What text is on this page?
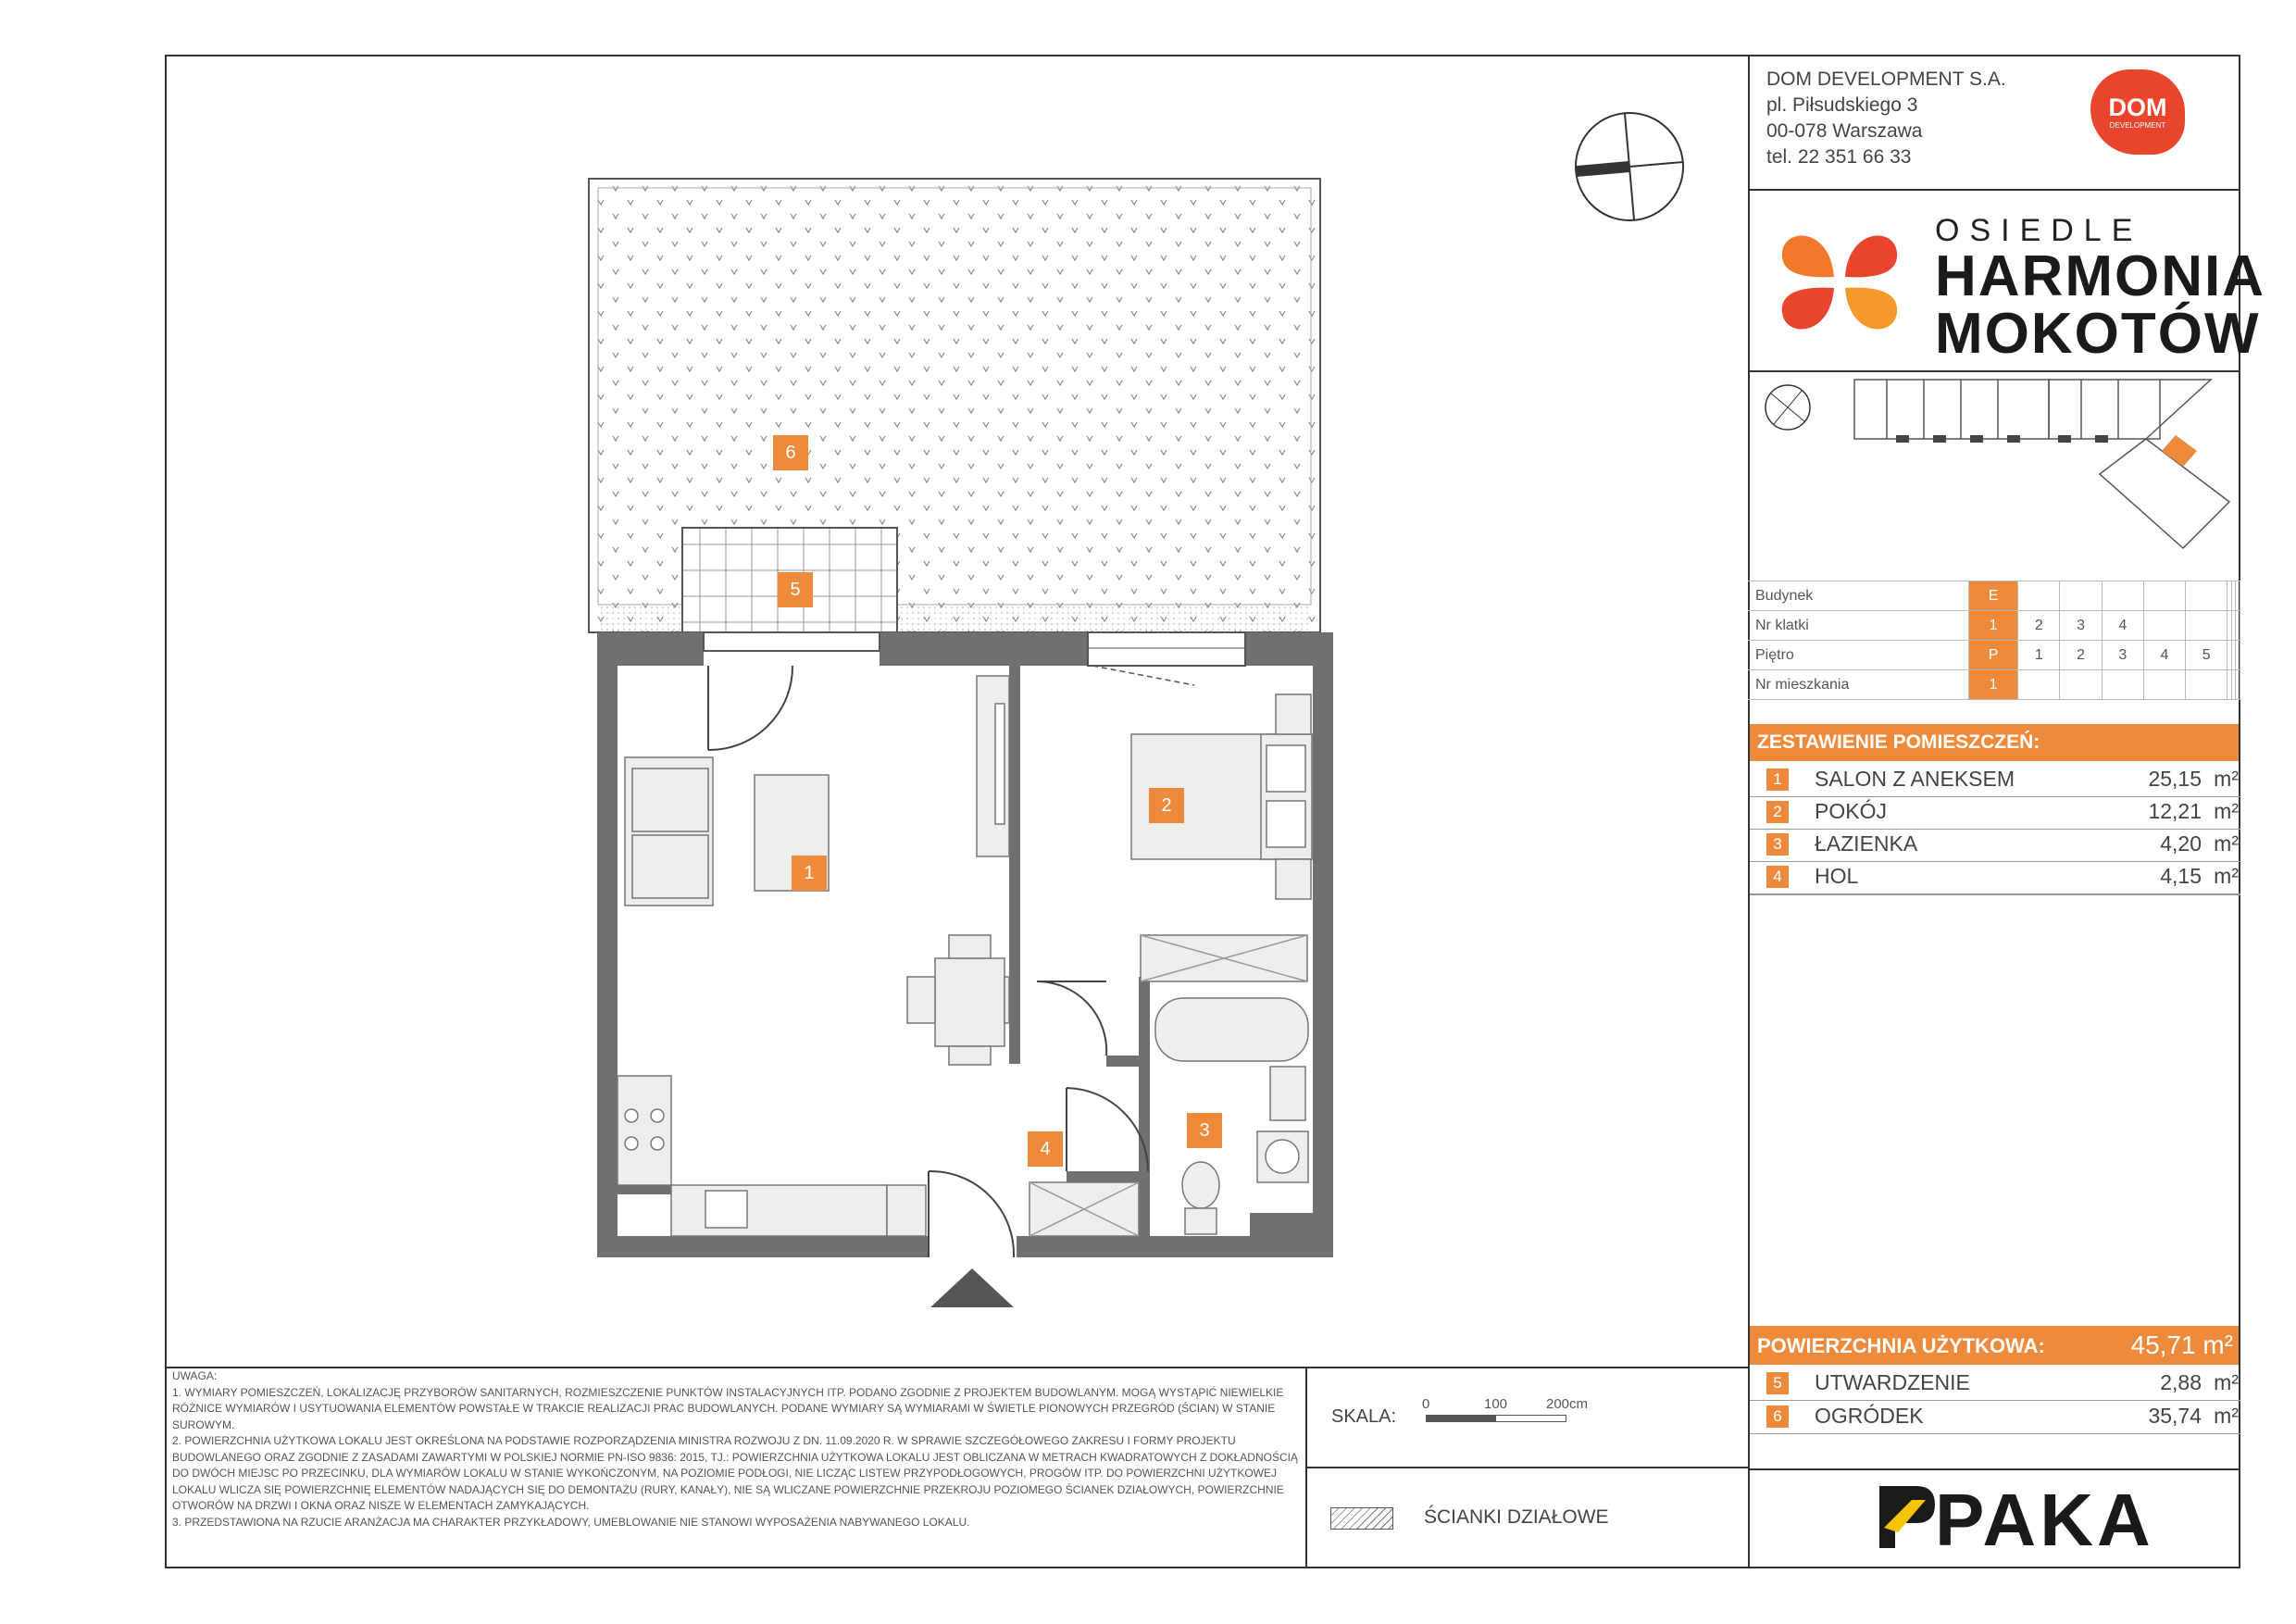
6
5
1
2
3
4
DOM DEVELOPMENT S.A.
pl. Piłsudskiego 3
00-078 Warszawa
tel. 22 351 66 33
DOM
DEVELOPMENT
OSIEDLE
HARMONIA
MOKOTÓW
Budynek	E								
Nr klatki	1	2	3	4					
Piętro	P	1	2	3	4	5			
Nr mieszkania	1								
ZESTAWIENIE POMIESZCZEŃ:
1	SALON Z ANEKSEM	25,15 m²
2	POKÓJ	12,21 m²
3	ŁAZIENKA	4,20 m²
4	HOL	4,15 m²
POWIERZCHNIA UŻYTKOWA:	45,71 m²
5	UTWARDZENIE	2,88 m²
6	OGRÓDEK	35,74 m²

UWAGA:

1. WYMIARY POMIESZCZEŃ, LOKALIZACJĘ PRZYBORÓW SANITARNYCH, ROZMIESZCZENIE PUNKTÓW INSTALACYJNYCH ITP. PODANO ZGODNIE Z PROJEKTEM BUDOWLANYM. MOGĄ WYSTĄPIĆ NIEWIELKIE RÓŻNICE WYMIARÓW I USYTUOWANIA ELEMENTÓW POWSTAŁE W TRAKCIE REALIZACJI PRAC BUDOWLANYCH. PODANE WYMIARY SĄ WYMIARAMI W ŚWIETLE PIONOWYCH PRZEGRÓD (ŚCIAN) W STANIE SUROWYM.

2. POWIERZCHNIA UŻYTKOWA LOKALU JEST OKREŚLONA NA PODSTAWIE ROZPORZĄDZENIA MINISTRA ROZWOJU Z DN. 11.09.2020 R. W SPRAWIE SZCZEGÓŁOWEGO ZAKRESU I FORMY PROJEKTU BUDOWLANEGO ORAZ ZGODNIE Z ZASADAMI ZAWARTYMI W POLSKIEJ NORMIE PN-ISO 9836: 2015, TJ.: POWIERZCHNIA UŻYTKOWA LOKALU JEST OBLICZANA W METRACH KWADRATOWYCH Z DOKŁADNOŚCIĄ DO DWÓCH MIEJSC PO PRZECINKU, DLA WYMIARÓW LOKALU W STANIE WYKOŃCZONYM, NA POZIOMIE PODŁOGI, NIE LICZĄC LISTEW PRZYPODŁOGOWYCH, PROGÓW ITP. DO POWIERZCHNI UŻYTKOWEJ LOKALU WLICZA SIĘ POWIERZCHNIĘ ELEMENTÓW NADAJĄCYCH SIĘ DO DEMONTAŻU (RURY, KANAŁY), NIE SĄ WLICZANE POWIERZCHNIE PRZEKROJU POZIOMEGO ŚCIANEK DZIAŁOWYCH, POWIERZCHNIE OTWORÓW NA DRZWI I OKNA ORAZ NISZE W ELEMENTACH ZAMYKAJĄCYCH.

3. PRZEDSTAWIONA NA RZUCIE ARANŻACJA MA CHARAKTER PRZYKŁADOWY, UMEBLOWANIE NIE STANOWI WYPOSAŻENIA NABYWANEGO LOKALU.

SKALA:
0	100	200cm
ŚCIANKI DZIAŁOWE	PAKA
